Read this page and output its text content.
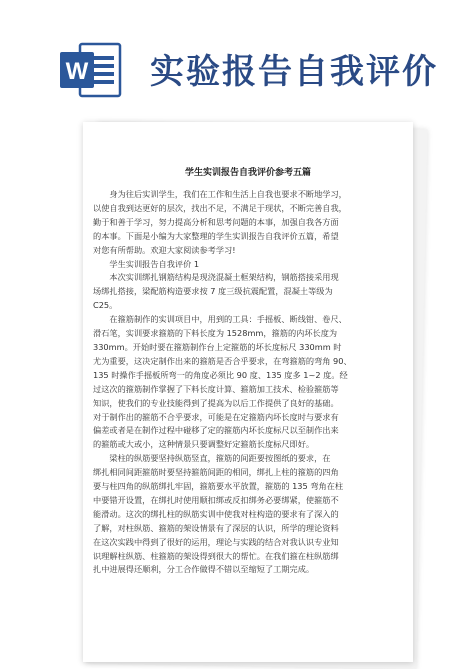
W 实验报告自我评价
学生实训报告自我评价参考五篇
　　身为往后实训学生，我们在工作和生活上自我也要求不断地学习，
以使自我到达更好的层次，找出不足，不满足于现状，不断完善自我，
勤于和善于学习，努力提高分析和思考问题的本事，加强自我各方面
的本事。下面是小编为大家整理的学生实训报告自我评价五篇，希望
对您有所帮助。欢迎大家阅读参考学习!
　　学生实训报告自我评价 1
　　本次实训绑扎钢筋结构是现浇混凝土框架结构，钢筋搭接采用现
场绑扎搭接，梁配筋构造要求按 7 度三级抗震配置，混凝土等级为
C25。
　　在箍筋制作的实训项目中，用到的工具：手摇板、断线钳、卷尺、
滑石笔，实训要求箍筋的下料长度为 1528mm，箍筋的内坏长度为
330mm。开始时要在箍筋制作台上定箍筋的坏长度标尺 330mm 时
尤为重要，这决定制作出来的箍筋是否合乎要求，在弯箍筋的弯角 90、
135 时操作手摇板所弯一的角度必须比 90 度、135 度多 1~2 度。经
过这次的箍筋制作掌握了下料长度计算、箍筋加工技术、检验箍筋等
知识，使我们的专业技能得到了提高为以后工作提供了良好的基础。
对于制作出的箍筋不合乎要求，可能是在定箍筋内坏长度时与要求有
偏差或者是在制作过程中碰移了定的箍筋内坏长度标尺以至制作出来
的箍筋或大或小，这种情景只要调整好定箍筋长度标尺即好。
　　梁柱的纵筋要坚持纵筋竖直，箍筋的间距要按图纸的要求，在
绑扎相同间距箍筋时要坚持箍筋间距的相同，绑扎上柱的箍筋的四角
要与柱四角的纵筋绑扎牢固，箍筋要水平放置，箍筋的 135 弯角在柱
中要错开设置，在绑扎时使用顺扣绑或反扣绑务必要绑紧，使箍筋不
能滑动。这次的绑扎柱的纵筋实训中使我对柱构造的要求有了深入的
了解，对柱纵筋、箍筋的架设情景有了深层的认识，所学的理论资料
在这次实践中得到了很好的运用，理论与实践的结合对我认识专业知
识理解柱纵筋、柱箍筋的架设得到很大的帮忙。在我们箍在柱纵筋绑
扎中进展得还顺利，分工合作做得不错以至缩短了工期完成。
